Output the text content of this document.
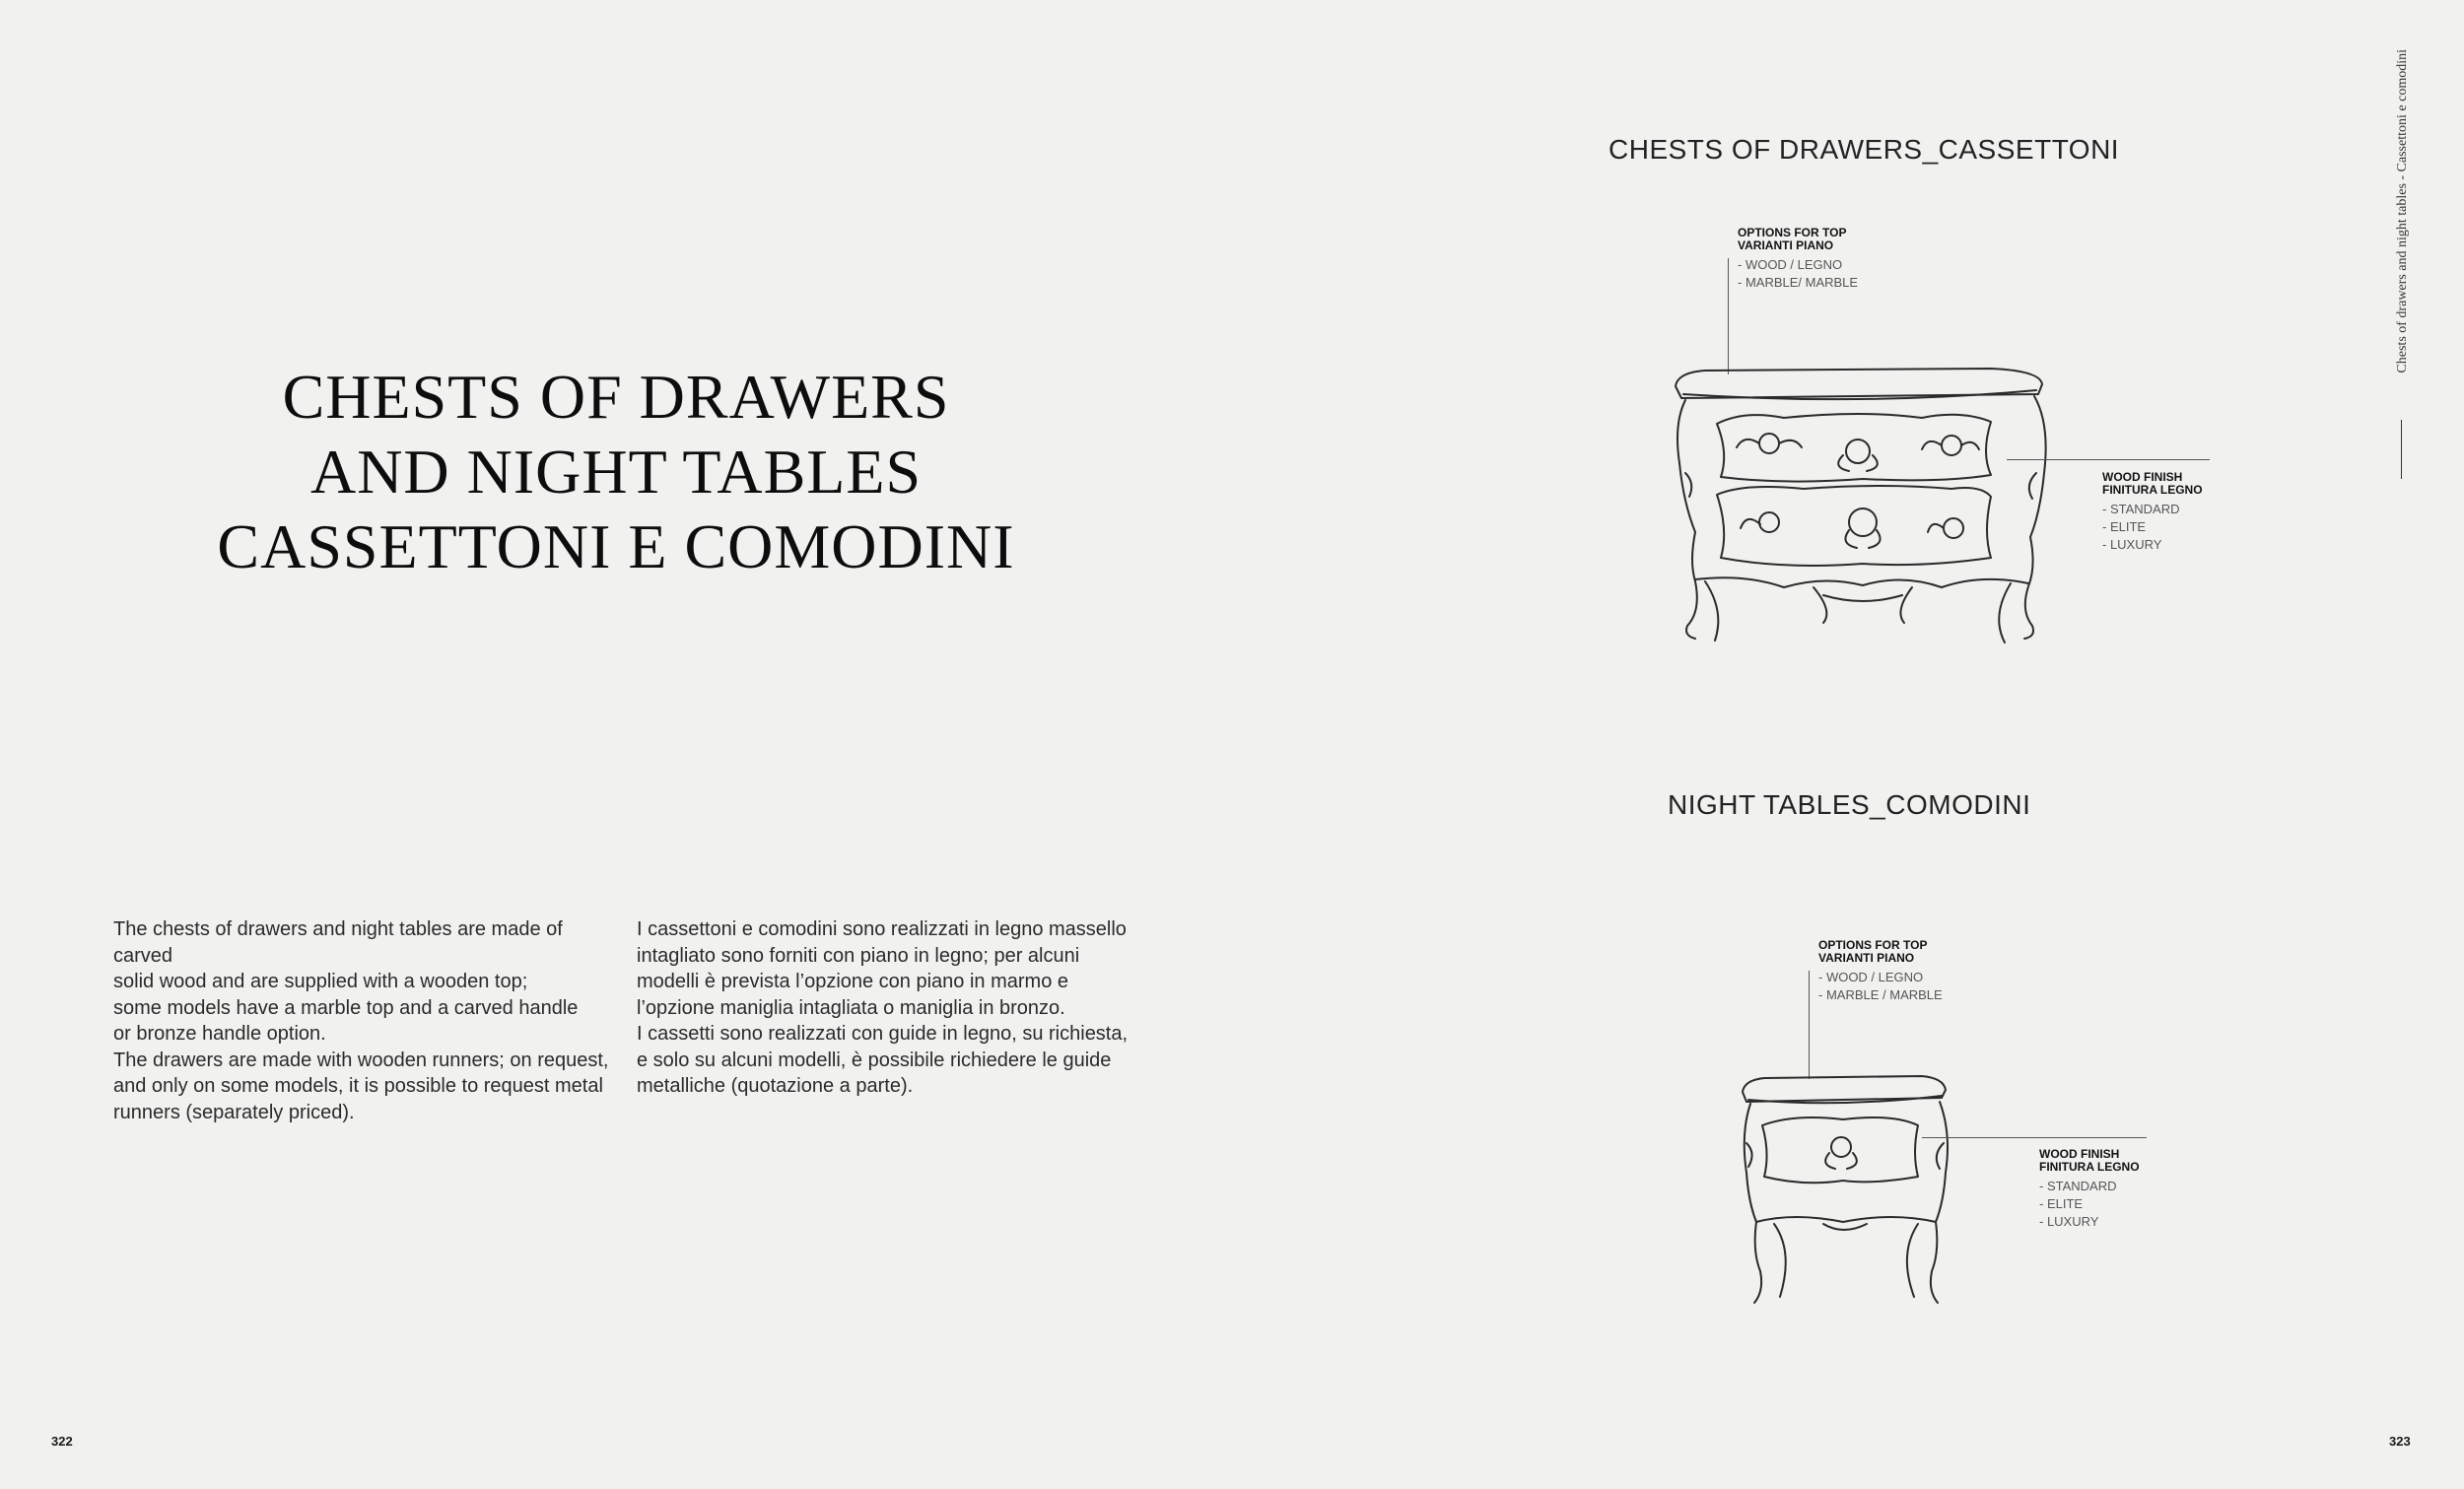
CHESTS OF DRAWERS
AND NIGHT TABLES
CASSETTONI E COMODINI

The chests of drawers and night tables are made of carved
solid wood and are supplied with a wooden top;
some models have a marble top and a carved handle
or bronze handle option.
The drawers are made with wooden runners; on request,
and only on some models, it is possible to request metal
runners (separately priced).

I cassettoni e comodini sono realizzati in legno massello
intagliato sono forniti con piano in legno; per alcuni
modelli è prevista l’opzione con piano in marmo e
l’opzione maniglia intagliata o maniglia in bronzo.
I cassetti sono realizzati con guide in legno, su richiesta,
e solo su alcuni modelli, è possibile richiedere le guide
metalliche (quotazione a parte).

322
CHESTS OF DRAWERS_CASSETTONI
OPTIONS FOR TOP
VARIANTI PIANO
- WOOD / LEGNO
- MARBLE/ MARBLE
WOOD FINISH
FINITURA LEGNO
- STANDARD
- ELITE
- LUXURY
NIGHT TABLES_COMODINI
OPTIONS FOR TOP
VARIANTI PIANO
- WOOD / LEGNO
- MARBLE / MARBLE
WOOD FINISH
FINITURA LEGNO
- STANDARD
- ELITE
- LUXURY
Chests of drawers and night tables - Cassettoni e comodini
323
